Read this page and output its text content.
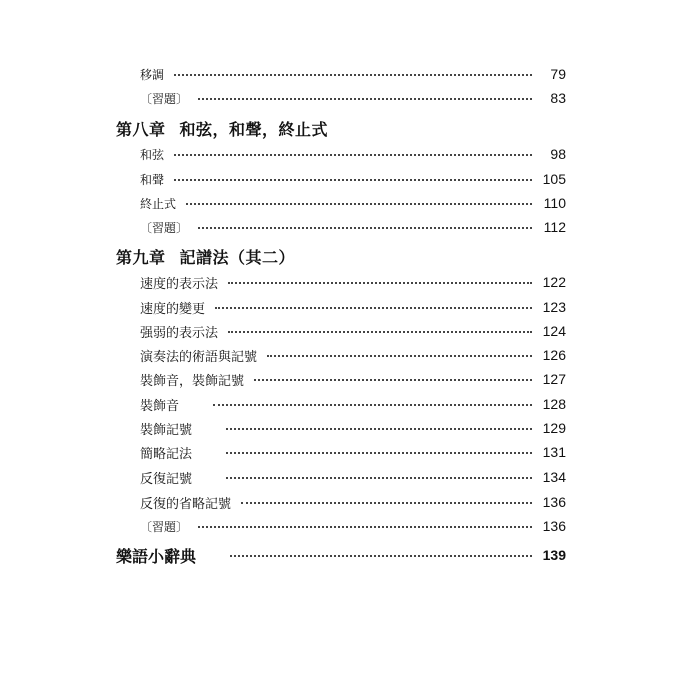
移調	79
〔習題〕	83
第八章 和弦，和聲，終止式
和弦	98
和聲	105
終止式	110
〔習題〕	112
第九章 記譜法（其二）
速度的表示法	122
速度的變更	123
强弱的表示法	124
演奏法的術語與記號	126
裝飾音，裝飾記號	127
裝飾音	128
裝飾記號	129
簡略記法	131
反復記號	134
反復的省略記號	136
〔習題〕	136
樂語小辭典	139
